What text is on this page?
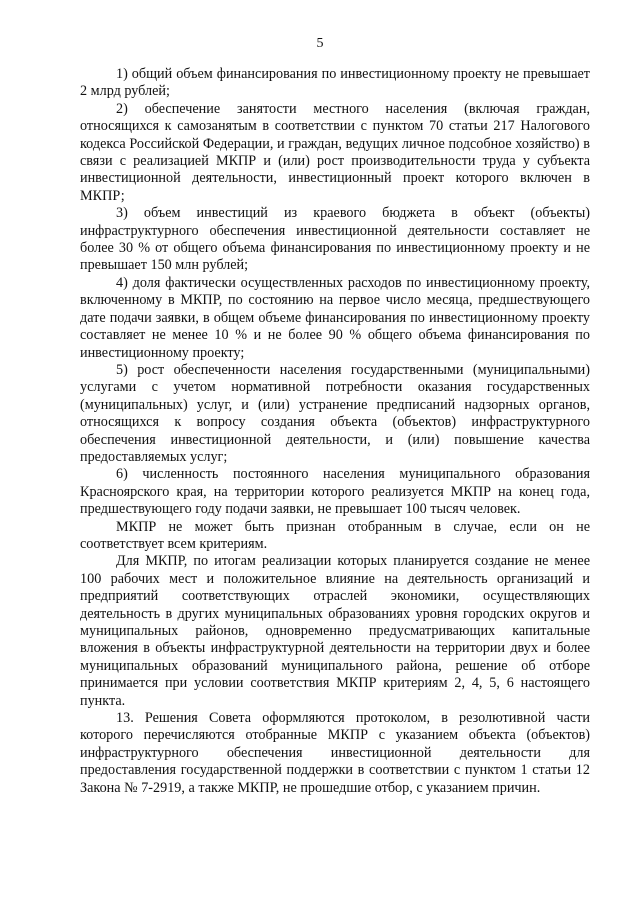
5

1) общий объем финансирования по инвестиционному проекту не превышает 2 млрд рублей;

2) обеспечение занятости местного населения (включая граждан, относящихся к самозанятым в соответствии с пунктом 70 статьи 217 Налогового кодекса Российской Федерации, и граждан, ведущих личное подсобное хозяйство) в связи с реализацией МКПР и (или) рост производительности труда у субъекта инвестиционной деятельности, инвестиционный проект которого включен в МКПР;

3) объем инвестиций из краевого бюджета в объект (объекты) инфраструктурного обеспечения инвестиционной деятельности составляет не более 30 % от общего объема финансирования по инвестиционному проекту и не превышает 150 млн рублей;

4) доля фактически осуществленных расходов по инвестиционному проекту, включенному в МКПР, по состоянию на первое число месяца, предшествующего дате подачи заявки, в общем объеме финансирования по инвестиционному проекту составляет не менее 10 % и не более 90 % общего объема финансирования по инвестиционному проекту;

5) рост обеспеченности населения государственными (муниципальными) услугами с учетом нормативной потребности оказания государственных (муниципальных) услуг, и (или) устранение предписаний надзорных органов, относящихся к вопросу создания объекта (объектов) инфраструктурного обеспечения инвестиционной деятельности, и (или) повышение качества предоставляемых услуг;

6) численность постоянного населения муниципального образования Красноярского края, на территории которого реализуется МКПР на конец года, предшествующего году подачи заявки, не превышает 100 тысяч человек.

МКПР не может быть признан отобранным в случае, если он не соответствует всем критериям.

Для МКПР, по итогам реализации которых планируется создание не менее 100 рабочих мест и положительное влияние на деятельность организаций и предприятий соответствующих отраслей экономики, осуществляющих деятельность в других муниципальных образованиях уровня городских округов и муниципальных районов, одновременно предусматривающих капитальные вложения в объекты инфраструктурной деятельности на территории двух и более муниципальных образований муниципального района, решение об отборе принимается при условии соответствия МКПР критериям 2, 4, 5, 6 настоящего пункта.

13. Решения Совета оформляются протоколом, в резолютивной части которого перечисляются отобранные МКПР с указанием объекта (объектов) инфраструктурного обеспечения инвестиционной деятельности для предоставления государственной поддержки в соответствии с пунктом 1 статьи 12 Закона № 7-2919, а также МКПР, не прошедшие отбор, с указанием причин.
